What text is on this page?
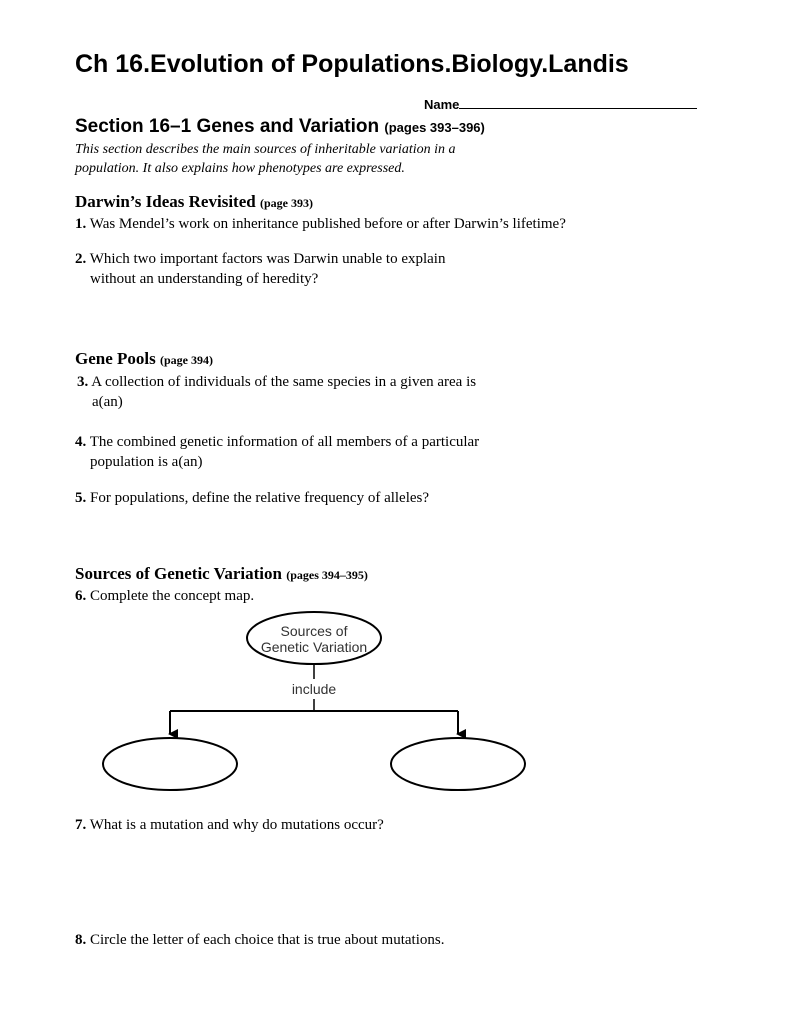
Ch 16.Evolution of Populations.Biology.Landis
Name
Section 16–1 Genes and Variation (pages 393–396)
This section describes the main sources of inheritable variation in a
population. It also explains how phenotypes are expressed.
Darwin’s Ideas Revisited (page 393)
1. Was Mendel’s work on inheritance published before or after Darwin’s lifetime?
2. Which two important factors was Darwin unable to explain
without an understanding of heredity?
Gene Pools (page 394)
3. A collection of individuals of the same species in a given area is
a(an)
4. The combined genetic information of all members of a particular
population is a(an)
5. For populations, define the relative frequency of alleles?
Sources of Genetic Variation (pages 394–395)
6. Complete the concept map.
Sources of
Genetic Variation
include
7. What is a mutation and why do mutations occur?
8. Circle the letter of each choice that is true about mutations.
